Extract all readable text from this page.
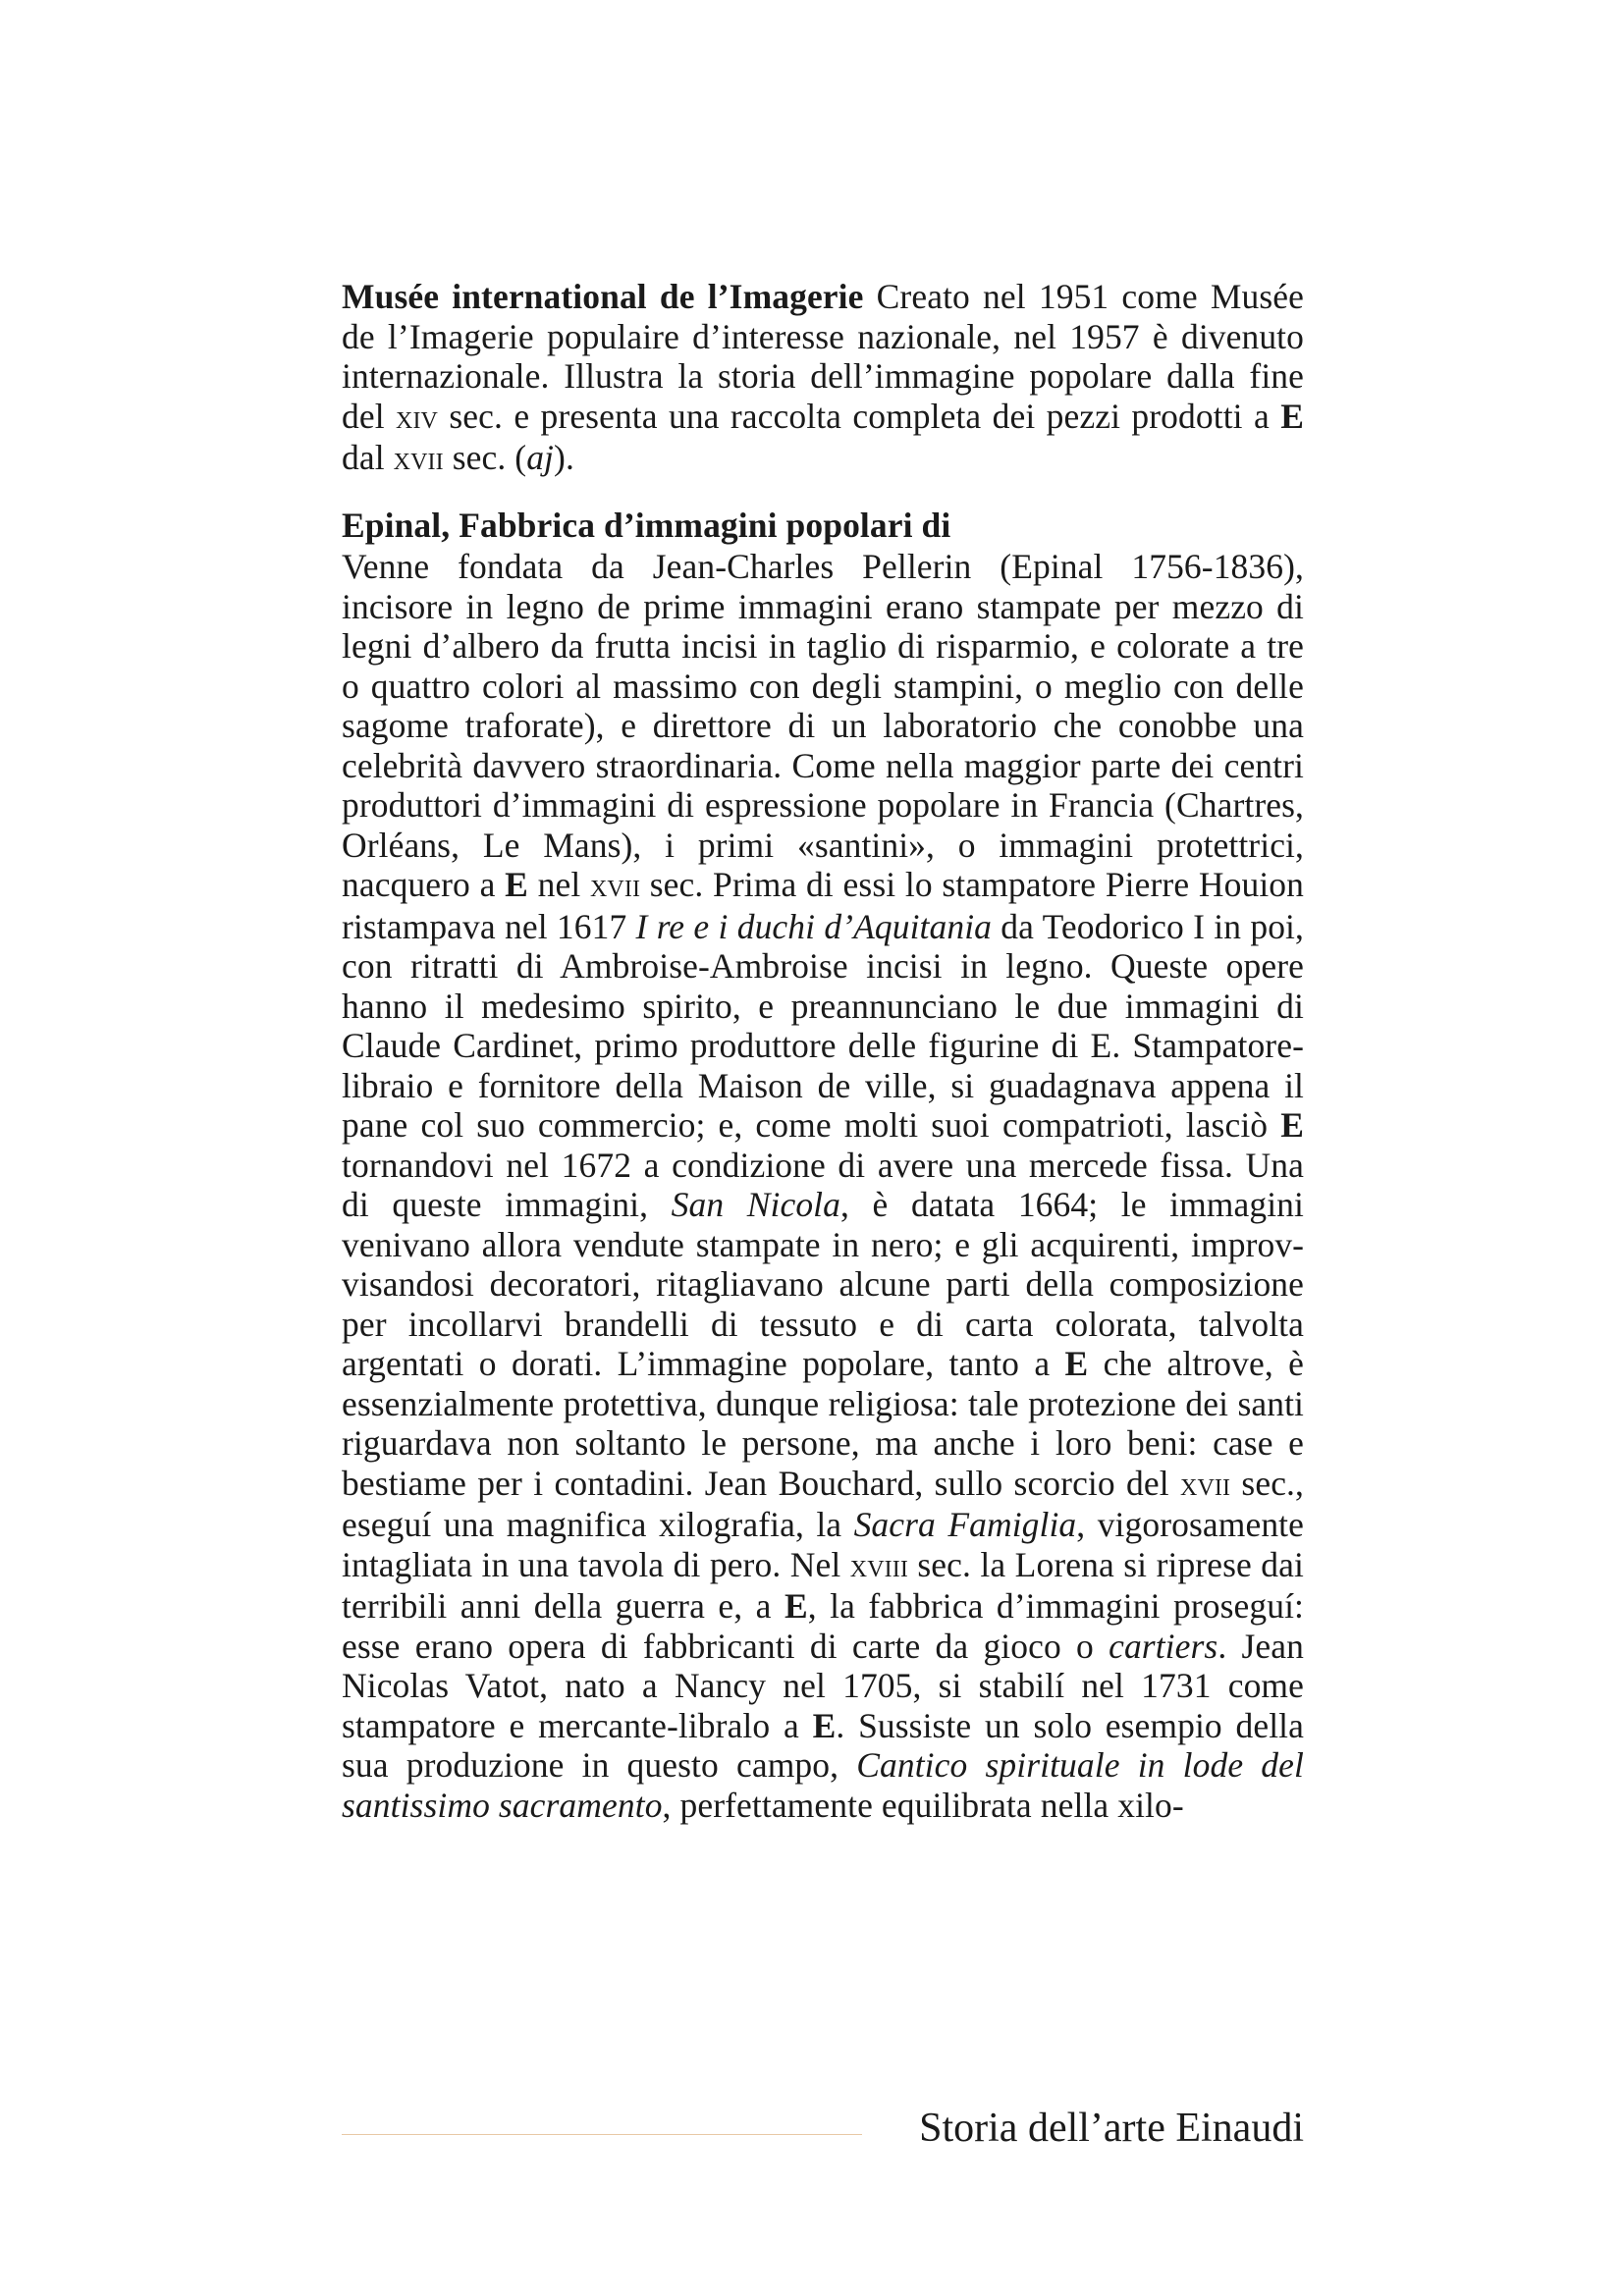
Musée international de l’Imagerie Creato nel 1951 come Musée de l’Imagerie populaire d’interesse nazionale, nel 1957 è divenuto internazionale. Illustra la storia dell’immagine popolare dalla fine del xiv sec. e presenta una raccolta completa dei pezzi prodotti a E dal xvii sec. (aj).

Epinal, Fabbrica d’immagini popolari di

Venne fondata da Jean-Charles Pellerin (Epinal 1756-1836), incisore in legno de prime immagini erano stampate per mezzo di legni d’albero da frutta incisi in taglio di risparmio, e colorate a tre o quattro colori al massimo con degli stampini, o meglio con delle sagome traforate), e direttore di un laboratorio che conobbe una celebrità davvero straordinaria. Come nella maggior parte dei centri produttori d’immagini di espressione popolare in Francia (Chartres, Orléans, Le Mans), i primi «santini», o immagini protettrici, nacquero a E nel xvii sec. Prima di essi lo stampatore Pierre Houion ristampava nel 1617 I re e i duchi d’Aquitania da Teodorico I in poi, con ritratti di Ambroise-Ambroise incisi in legno. Queste opere hanno il medesimo spirito, e preannunciano le due immagini di Claude Cardinet, primo produttore delle figurine di E. Stampatore-libraio e fornitore della Maison de ville, si guadagnava appena il pane col suo commercio; e, come molti suoi compatrioti, lasciò E tornandovi nel 1672 a condizione di avere una mercede fissa. Una di queste immagini, San Nicola, è datata 1664; le immagini venivano allora vendute stampate in nero; e gli acquirenti, improvvisandosi decoratori, ritagliavano alcune parti della composizione per incollarvi brandelli di tessuto e di carta colorata, talvolta argentati o dorati. L’immagine popolare, tanto a E che altrove, è essenzialmente protettiva, dunque religiosa: tale protezione dei santi riguardava non soltanto le persone, ma anche i loro beni: case e bestiame per i contadini. Jean Bouchard, sullo scorcio del xvii sec., eseguí una magnifica xilografia, la Sacra Famiglia, vigorosamente intagliata in una tavola di pero. Nel xviii sec. la Lorena si riprese dai terribili anni della guerra e, a E, la fabbrica d’immagini proseguí: esse erano opera di fabbricanti di carte da gioco o cartiers. Jean Nicolas Vatot, nato a Nancy nel 1705, si stabilí nel 1731 come stampatore e mercante-libralo a E. Sussiste un solo esempio della sua produzione in questo campo, Cantico spirituale in lode del santissimo sacramento, perfettamente equilibrata nella xilo-

Storia dell’arte Einaudi
